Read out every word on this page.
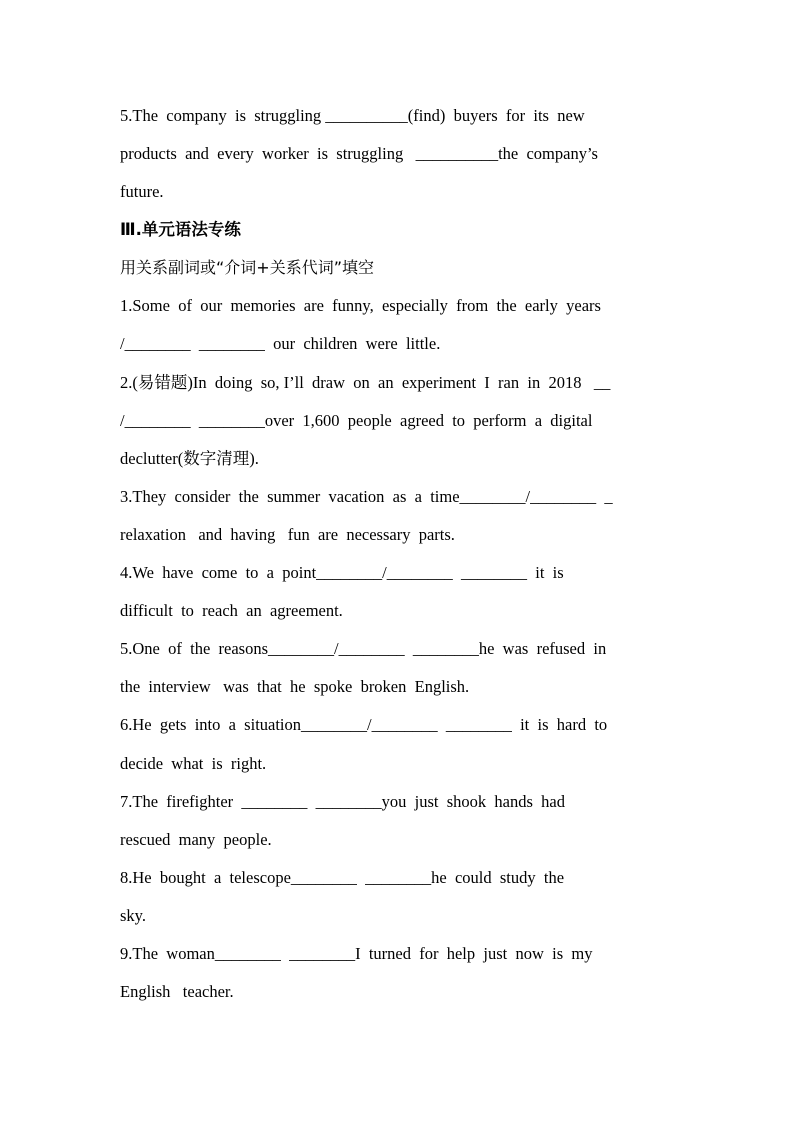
5.The  company  is  struggling __________(find)  buyers  for  its  new
products  and  every  worker  is  struggling   __________the  company’s
future.
Ⅲ.单元语法专练
用关系副词或“介词+关系代词”填空
1.Some  of  our  memories  are  funny,  especially  from  the  early  years
/________  ________  our  children  were  little.
2.(易错题)In  doing  so, I’ll  draw  on  an  experiment  I  ran  in  2018   __
/________  ________over  1,600  people  agreed  to  perform  a  digital
declutter(数字清理).
3.They  consider  the  summer  vacation  as  a  time________/________  _
relaxation   and  having   fun  are  necessary  parts.
4.We  have  come  to  a  point________/________  ________  it  is
difficult  to  reach  an  agreement.
5.One  of  the  reasons________/________  ________he  was  refused  in
the  interview   was  that  he  spoke  broken  English.
6.He  gets  into  a  situation________/________  ________  it  is  hard  to
decide  what  is  right.
7.The  firefighter  ________  ________you  just  shook  hands  had
rescued  many  people.
8.He  bought  a  telescope________  ________he  could  study  the
sky.
9.The  woman________  ________I  turned  for  help  just  now  is  my
English   teacher.
